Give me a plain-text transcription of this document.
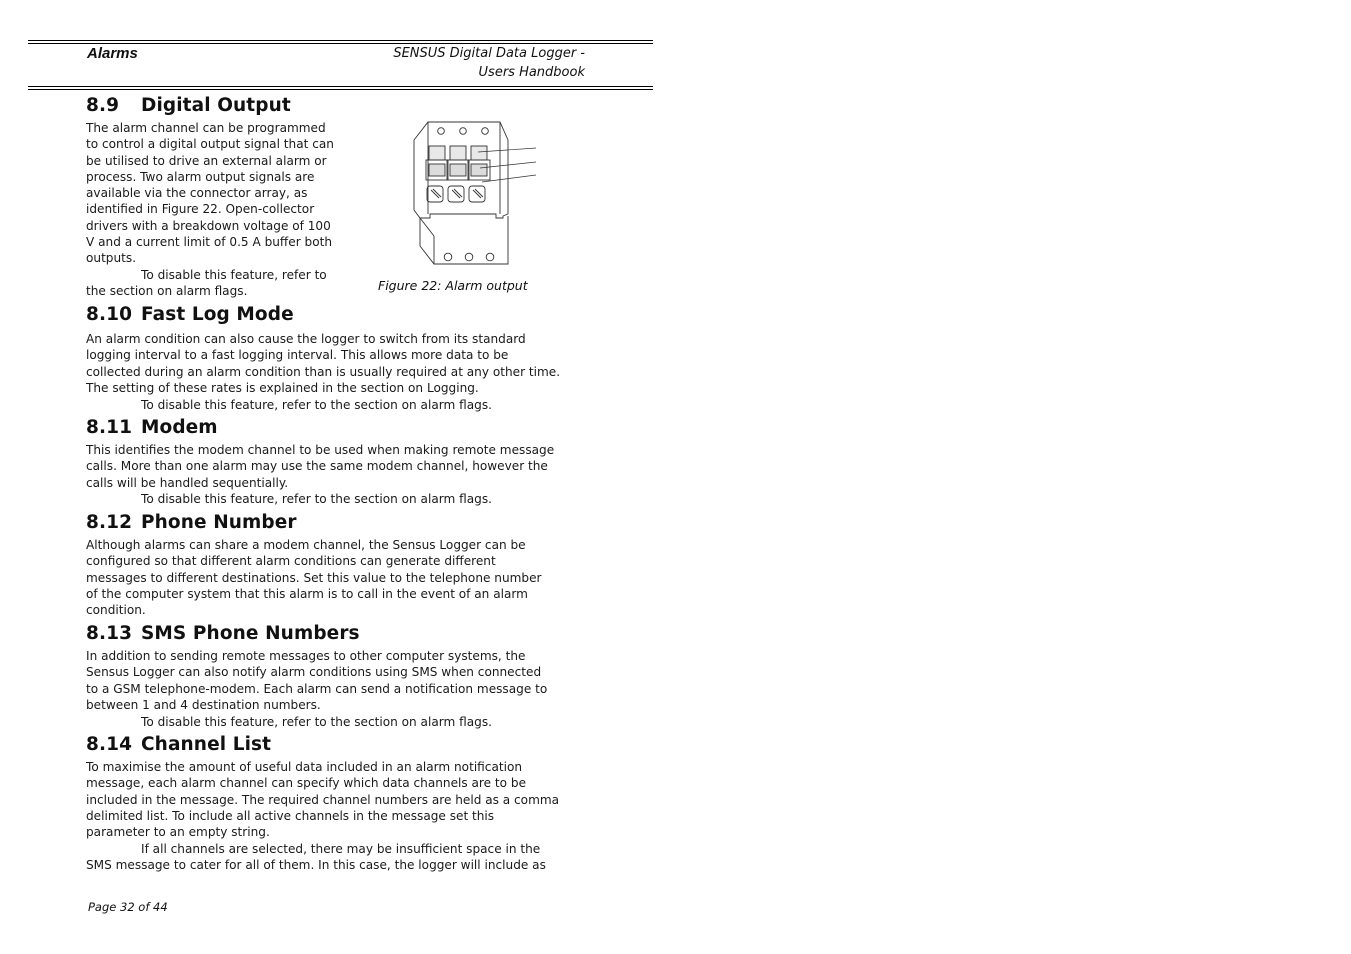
Alarms	SENSUS Digital Data Logger -
Users Handbook
8.9 Digital Output

The alarm channel can be programmed
to control a digital output signal that can
be utilised to drive an external alarm or
process. Two alarm output signals are
available via the connector array, as
identified in Figure 22. Open-collector
drivers with a breakdown voltage of 100
V and a current limit of 0.5 A buffer both
outputs.

To disable this feature, refer to
the section on alarm flags.	Figure 22: Alarm output
8.10 Fast Log Mode

An alarm condition can also cause the logger to switch from its standard
logging interval to a fast logging interval. This allows more data to be
collected during an alarm condition than is usually required at any other time.
The setting of these rates is explained in the section on Logging.

To disable this feature, refer to the section on alarm flags.

8.11 Modem

This identifies the modem channel to be used when making remote message
calls. More than one alarm may use the same modem channel, however the
calls will be handled sequentially.

To disable this feature, refer to the section on alarm flags.

8.12 Phone Number

Although alarms can share a modem channel, the Sensus Logger can be
configured so that different alarm conditions can generate different
messages to different destinations. Set this value to the telephone number
of the computer system that this alarm is to call in the event of an alarm
condition.

8.13 SMS Phone Numbers

In addition to sending remote messages to other computer systems, the
Sensus Logger can also notify alarm conditions using SMS when connected
to a GSM telephone-modem. Each alarm can send a notification message to
between 1 and 4 destination numbers.

To disable this feature, refer to the section on alarm flags.

8.14 Channel List

To maximise the amount of useful data included in an alarm notification
message, each alarm channel can specify which data channels are to be
included in the message. The required channel numbers are held as a comma
delimited list. To include all active channels in the message set this
parameter to an empty string.

If all channels are selected, there may be insufficient space in the
SMS message to cater for all of them. In this case, the logger will include as

Page 32 of 44
